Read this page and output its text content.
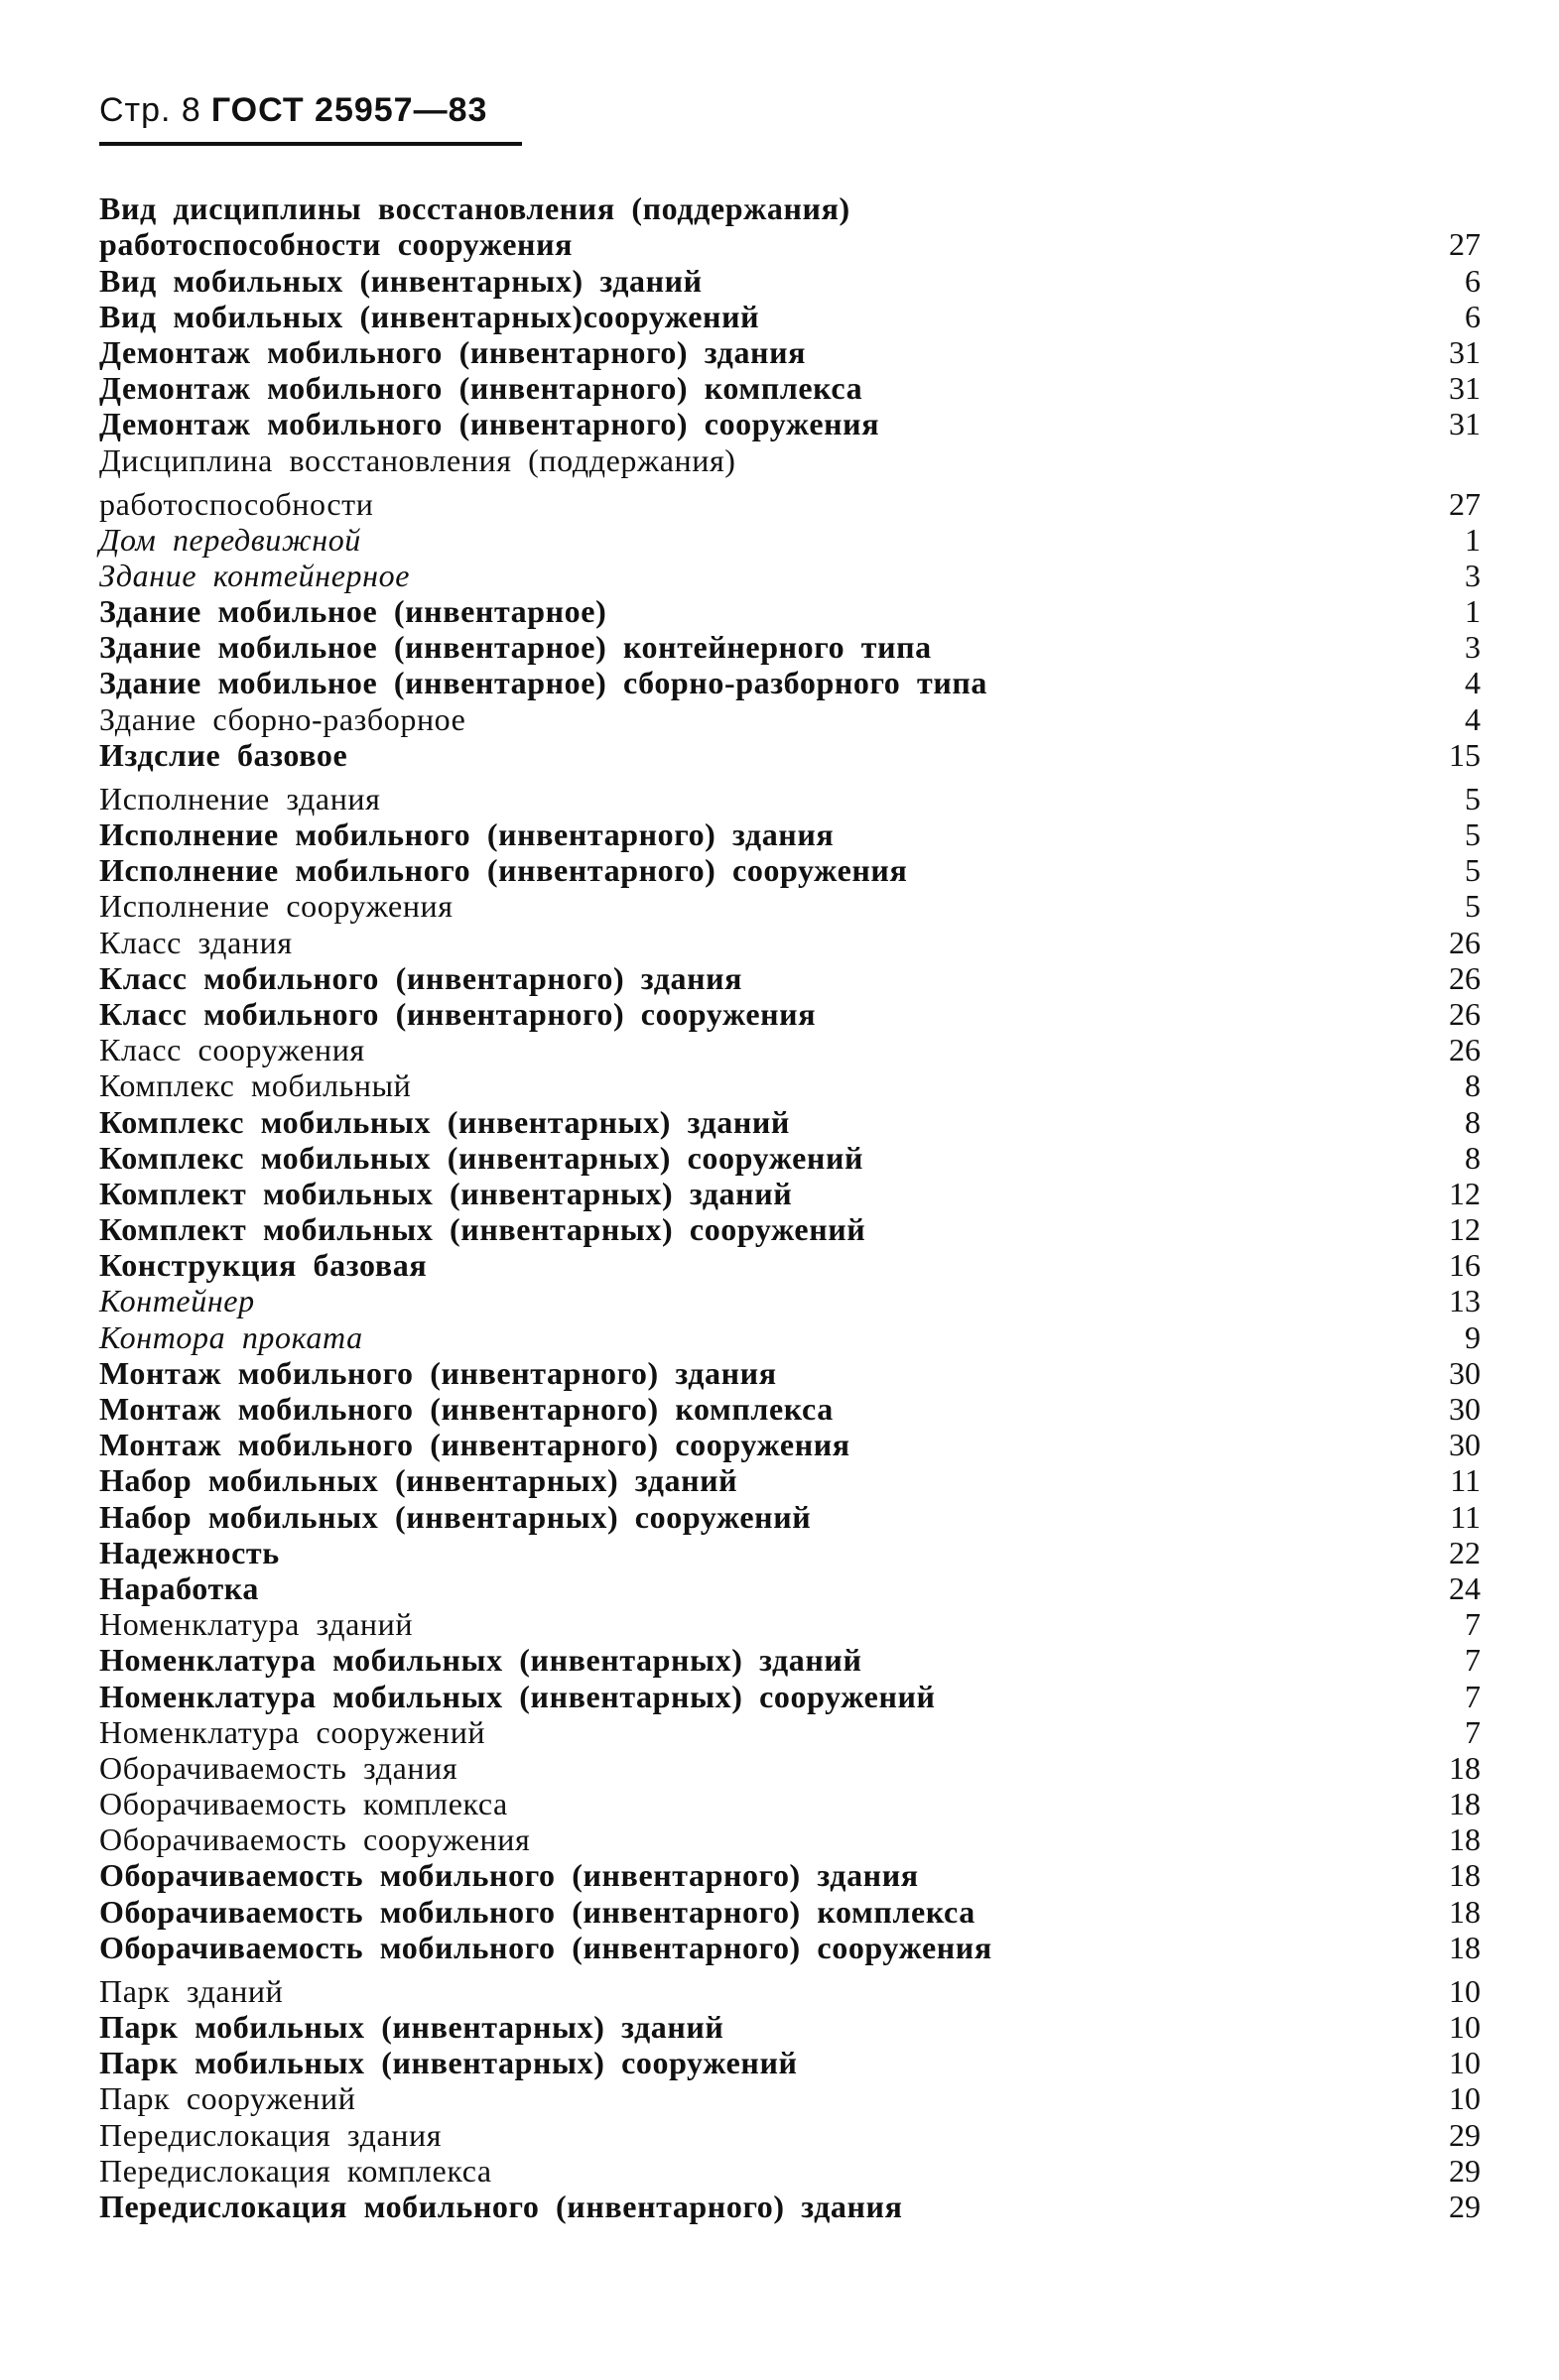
Стр. 8 ГОСТ 25957—83
Вид дисциплины восстановления (поддержания)
работоспособности сооружения	27
Вид мобильных (инвентарных) зданий	6
Вид мобильных (инвентарных)сооружений	6
Демонтаж мобильного (инвентарного) здания	31
Демонтаж мобильного (инвентарного) комплекса	31
Демонтаж мобильного (инвентарного) сооружения	31
Дисциплина восстановления (поддержания)
работоспособности	27
Дом передвижной	1
Здание контейнерное	3
Здание мобильное (инвентарное)	1
Здание мобильное (инвентарное) контейнерного типа	3
Здание мобильное (инвентарное) сборно-разборного типа	4
Здание сборно-разборное	4
Издслие базовое	15
Исполнение здания	5
Исполнение мобильного (инвентарного) здания	5
Исполнение мобильного (инвентарного) сооружения	5
Исполнение сооружения	5
Класс здания	26
Класс мобильного (инвентарного) здания	26
Класс мобильного (инвентарного) сооружения	26
Класс сооружения	26
Комплекс мобильный	8
Комплекс мобильных (инвентарных) зданий	8
Комплекс мобильных (инвентарных) сооружений	8
Комплект мобильных (инвентарных) зданий	12
Комплект мобильных (инвентарных) сооружений	12
Конструкция базовая	16
Контейнер	13
Контора проката	9
Монтаж мобильного (инвентарного) здания	30
Монтаж мобильного (инвентарного) комплекса	30
Монтаж мобильного (инвентарного) сооружения	30
Набор мобильных (инвентарных) зданий	11
Набор мобильных (инвентарных) сооружений	11
Надежность	22
Наработка	24
Номенклатура зданий	7
Номенклатура мобильных (инвентарных) зданий	7
Номенклатура мобильных (инвентарных) сооружений	7
Номенклатура сооружений	7
Оборачиваемость здания	18
Оборачиваемость комплекса	18
Оборачиваемость сооружения	18
Оборачиваемость мобильного (инвентарного) здания	18
Оборачиваемость мобильного (инвентарного) комплекса	18
Оборачиваемость мобильного (инвентарного) сооружения	18
Парк зданий	10
Парк мобильных (инвентарных) зданий	10
Парк мобильных (инвентарных) сооружений	10
Парк сооружений	10
Передислокация здания	29
Передислокация комплекса	29
Передислокация мобильного (инвентарного) здания	29
